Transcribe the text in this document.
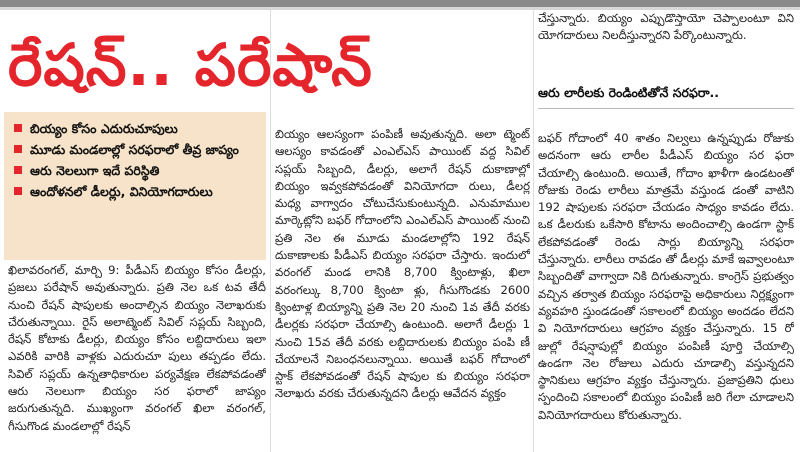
రేషన్.. పరేషాన్
బియ్యం కోసం ఎదురుచూపులు
మూడు మండలాల్లో సరఫరాలో తీవ్ర జాప్యం
ఆరు నెలలుగా ఇదే పరిస్థితి
ఆందోళనలో డీలర్లు, వినియోగదారులు

ఖిలావరంగల్, మార్చి 9: పీడీఎస్ బియ్యం కోసం డీలర్లు, ప్రజలు పరేషాన్ అవుతున్నారు. ప్రతి నెల ఒక టవ తేదీ నుంచి రేషన్ షాపులకు అందాల్సిన బియ్యం నెలాఖరుకు చేరుతున్నాయి. రైస్ అలాట్మెంట్ సివిల్ సప్లయ్ సిబ్బంది, రేషన్ కోటాకు డీలర్లు, బియ్యం కోసం లబ్దిదారులు ఇలా ఎవరికి వారికి వాళ్లకు ఎదురుచూ పులు తప్పడం లేదు. సివిల్ సప్లయ్ ఉన్నతాధికారుల పర్యవేక్షణ లేకపోవడంతో ఆరు నెలలుగా బియ్యం సర ఫరాలో జాప్యం జరుగుతున్నది. ముఖ్యంగా వరంగల్ ఖిలా వరంగల్, గీసుగొండ మండలాల్లో రేషన్

బియ్యం ఆలస్యంగా పంపిణీ అవుతున్నది. అలా ట్మెంట్ ఆలస్యం కావడంతో ఎంఎల్ఎస్ పాయింట్ వద్ద సివిల్ సప్లయ్ సిబ్బంది, డీలర్లు, అలాగే రేషన్ దుకాణాల్లో బియ్యం ఇవ్వకపోవడంతో వినియోగదా రులు, డీలర్ల మధ్య వాగ్వాదం చోటుచేసుకుంటున్నది. ఎనుమాముల మార్కెట్లోని బఫర్ గోదాంలోని ఎంఎల్ఎస్ పాయింట్ నుంచి ప్రతి నెల ఈ మూడు మండలాల్లోని 192 రేషన్ దుకాణాలకు పీడీఎస్ బియ్యం సరఫరా చేస్తారు. ఇందులో వరంగల్ మండ లానికి 8,700 క్వింటాళ్లు, ఖిలా వరంగల్కు 8,700 క్వింటా ళ్లు, గీసుగొండకు 2600 క్వింటాళ్ల బియ్యాన్ని ప్రతి నెల 20 నుంచి 1వ తేదీ వరకు డీలర్లకు సరఫరా చేయాల్సి ఉంటుంది. అలాగే డీలర్లు 1 నుంచి 15వ తేదీ వరకు లబ్దిదారులకు బియ్యం పంపి ణీ చేయాలనే నిబంధనలున్నాయి. అయితే బఫర్ గోదాంలో స్టాక్ లేకపోవడంతో రేషన్ షాపుల కు బియ్యం సరఫరా నెలాఖరు వరకు చేరుతున్నదని డీలర్లు ఆవేదన వ్యక్తం

చేస్తున్నారు. బియ్యం ఎప్పుడొస్తాయో చెప్పాలంటూ విని యోగదారులు నిలదీస్తున్నారని పేర్కొంటున్నారు.

ఆరు లారీలకు రెండింటితోనే సరఫరా..

బఫర్ గోదాంలో 40 శాతం నిల్వలు ఉన్నప్పుడు రోజుకు అదనంగా ఆరు లారీల పీడీఎస్ బియ్యం సర ఫరా చేయాల్సి ఉంటుంది. అయితే, గోదాం ఖాళీగా ఉండటంతో రోజుకు రెండు లారీలు మాత్రమే వస్తుండ డంతో వాటిని 192 షాపులకు సరఫరా చేయడం సాధ్యం కావడం లేదు. ఒక డీలరుకు ఒకేసారి కోటాను అందించాల్సి ఉండగా స్టాక్ లేకపోవడంతో రెండు సార్లు బియ్యాన్ని సరఫరా చేస్తున్నారు. లారీలు రావడం తో డీలర్లు మాకే ఇవ్వాలంటూ సిబ్బందితో వాగ్వాదా నికి దిగుతున్నారు. కాంగ్రెస్ ప్రభుత్వం వచ్చిన తర్వాత బియ్యం సరఫరాపై అధికారులు నిర్లక్ష్యంగా వ్యవహరి స్తుండడంతో సకాలంలో బియ్యం అందడం లేదని వి నియోగదారులు ఆగ్రహం వ్యక్తం చేస్తున్నారు. 15 రో జుల్లో రేషన్షాపుల్లో బియ్యం పంపిణీ పూర్తి చేయాల్సి ఉండగా నెల రోజులు ఎదురు చూడాల్సి వస్తున్నదని స్థానికులు ఆగ్రహం వ్యక్తం చేస్తున్నారు. ప్రజాప్రతిని ధులు స్పందించి సకాలంలో బియ్యం పంపిణీ జరి గేలా చూడాలని వినియోగదారులు కోరుతున్నారు.
